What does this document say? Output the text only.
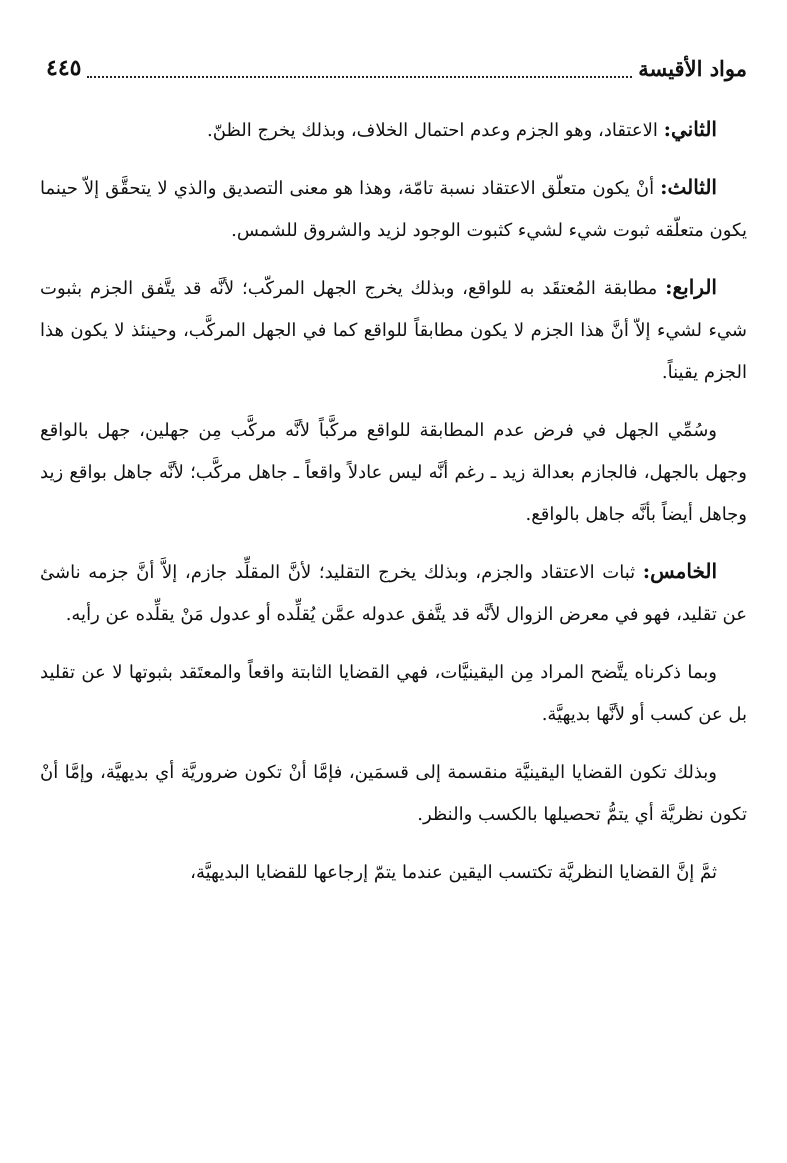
مواد الأقيسة
٤٤٥

الثاني: الاعتقاد، وهو الجزم وعدم احتمال الخلاف، وبذلك يخرج الظنّ.

الثالث: أنْ يكون متعلّق الاعتقاد نسبة تامّة، وهذا هو معنى التصديق والذي لا يتحقَّق إلاّ حينما يكون متعلّقه ثبوت شيء لشيء كثبوت الوجود لزيد والشروق للشمس.

الرابع: مطابقة المُعتقَد به للواقع، وبذلك يخرج الجهل المركّب؛ لأنَّه قد يتَّفق الجزم بثبوت شيء لشيء إلاّ أنَّ هذا الجزم لا يكون مطابقاً للواقع كما في الجهل المركَّب، وحينئذ لا يكون هذا الجزم يقيناً.

وسُمِّي الجهل في فرض عدم المطابقة للواقع مركَّباً لأنَّه مركَّب مِن جهلين، جهل بالواقع وجهل بالجهل، فالجازم بعدالة زيد ـ رغم أنَّه ليس عادلاً واقعاً ـ جاهل مركَّب؛ لأنَّه جاهل بواقع زيد وجاهل أيضاً بأنَّه جاهل بالواقع.

الخامس: ثبات الاعتقاد والجزم، وبذلك يخرج التقليد؛ لأنَّ المقلِّد جازم، إلاَّ أنَّ جزمه ناشئ عن تقليد، فهو في معرض الزوال لأنَّه قد يتَّفق عدوله عمَّن يُقلِّده أو عدول مَنْ يقلِّده عن رأيه.

وبما ذكرناه يتَّضح المراد مِن اليقينيَّات، فهي القضايا الثابتة واقعاً والمعتَقد بثبوتها لا عن تقليد بل عن كسب أو لأنَّها بديهيَّة.

وبذلك تكون القضايا اليقينيَّة منقسمة إلى قسمَين، فإمَّا أنْ تكون ضروريَّة أي بديهيَّة، وإمَّا أنْ تكون نظريَّة أي يتمُّ تحصيلها بالكسب والنظر.

ثمَّ إنَّ القضايا النظريَّة تكتسب اليقين عندما يتمّ إرجاعها للقضايا البديهيَّة،
